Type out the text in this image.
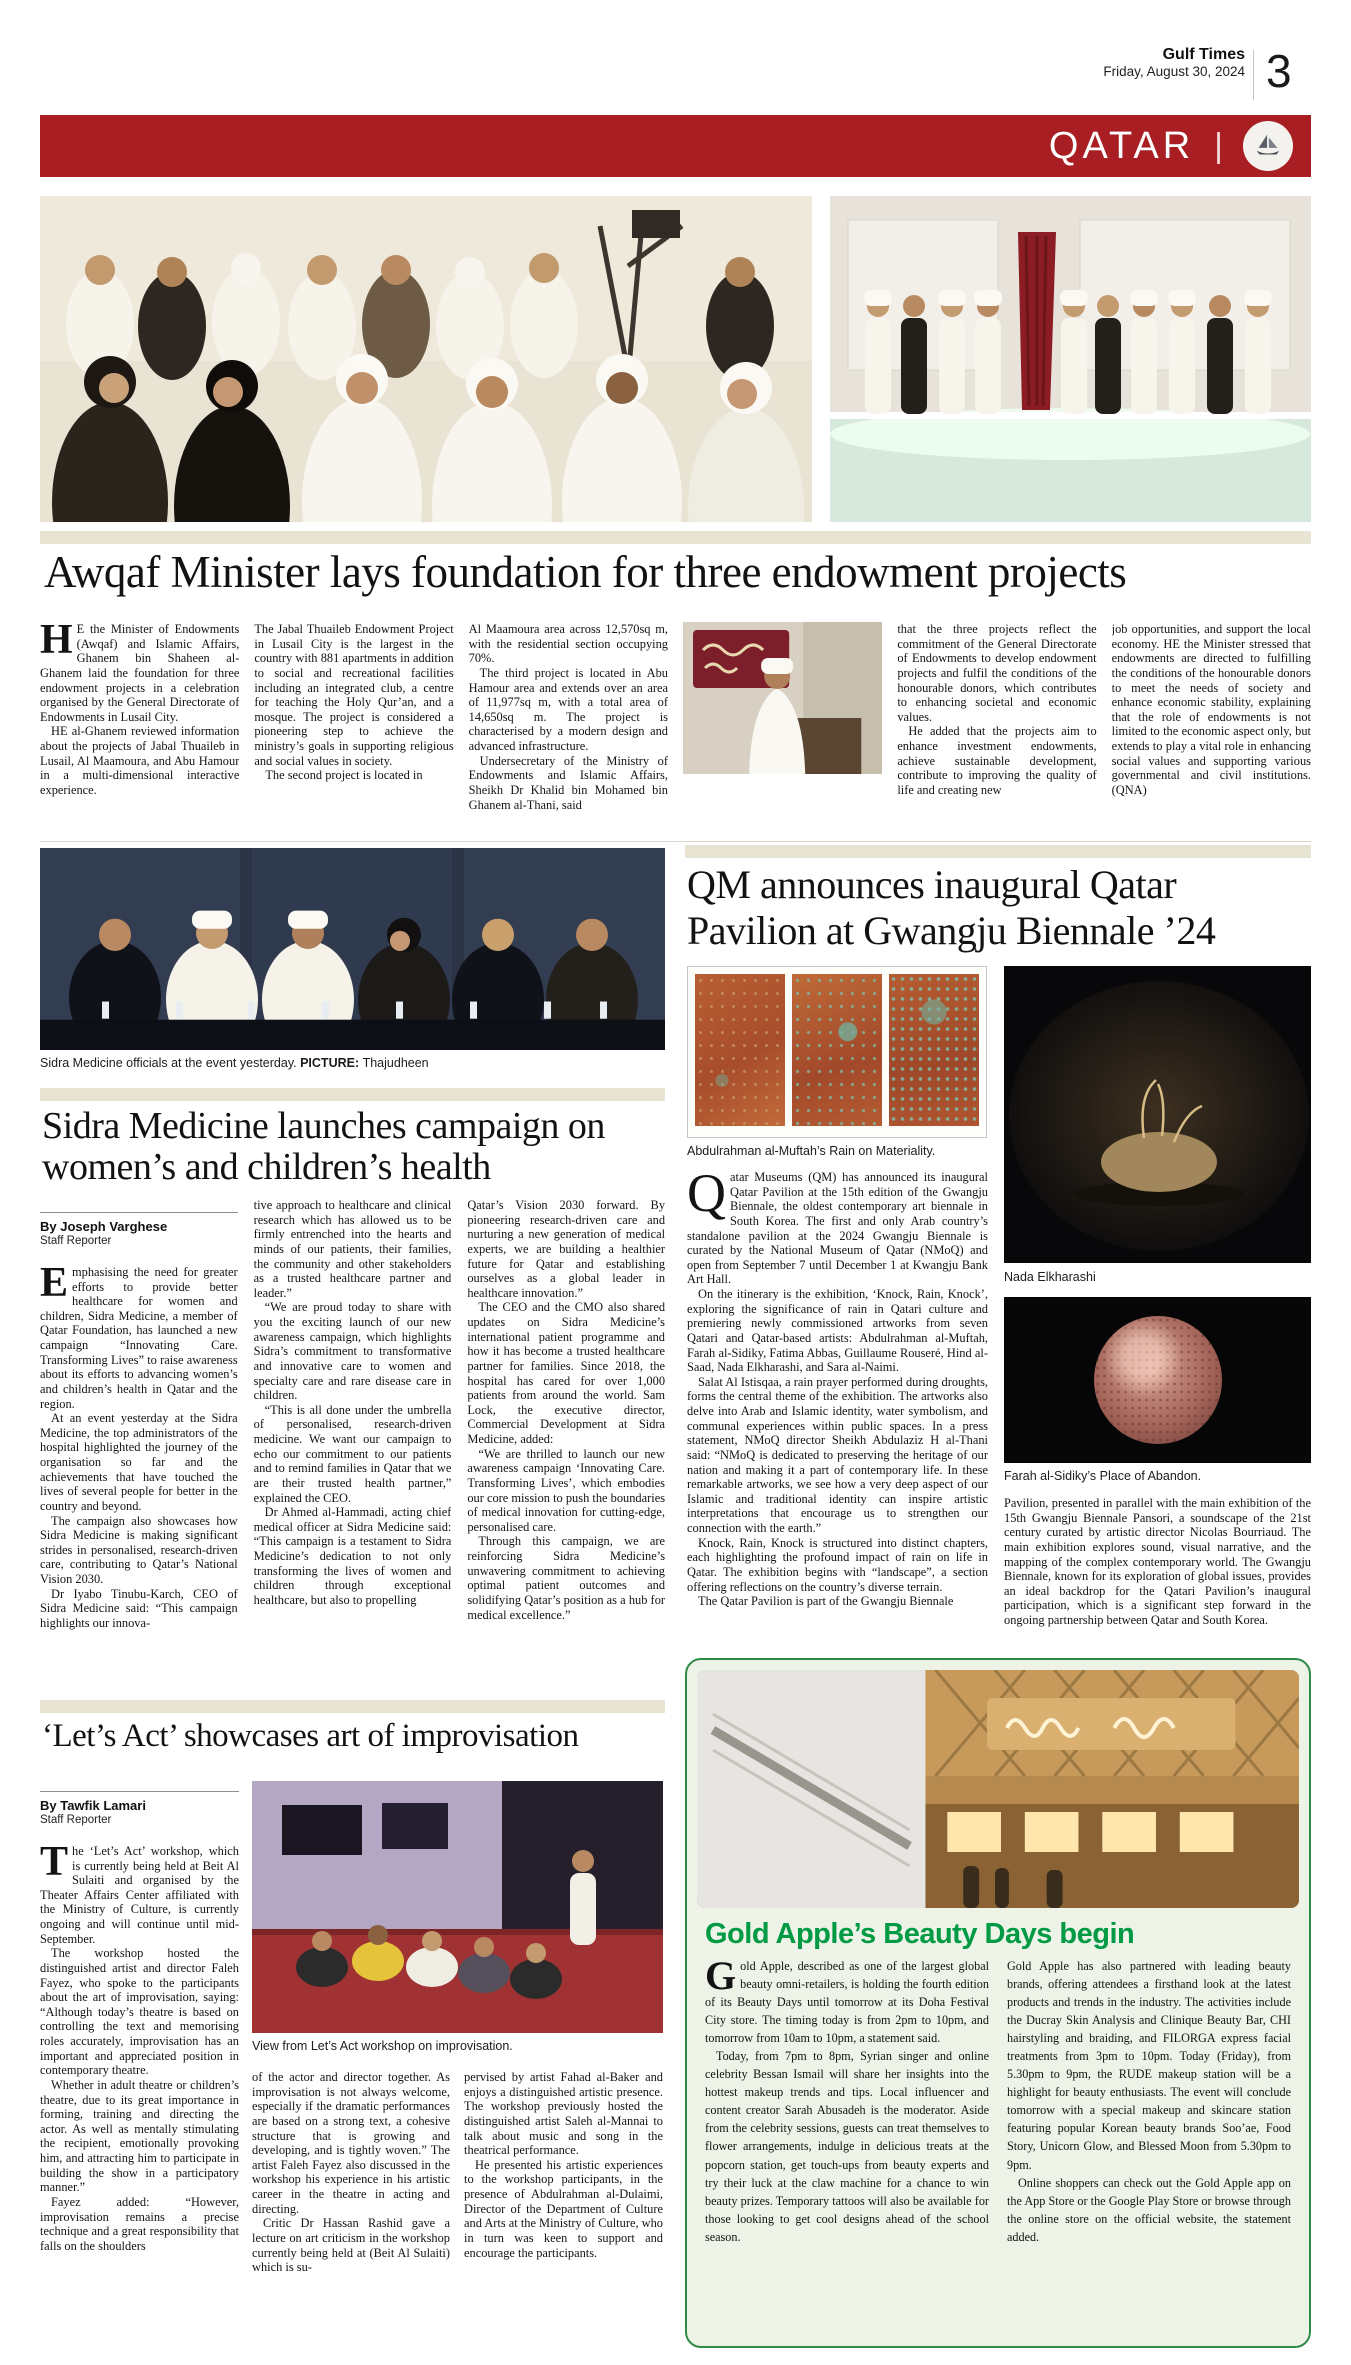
Gulf Times
Friday, August 30, 2024 3
QATAR |
Awqaf Minister lays foundation for three endowment projects

H E the Minister of Endowments (Awqaf) and Islamic Affairs, Ghanem bin Shaheen al-Ghanem laid the foundation for three endowment projects in a celebration organised by the General Directorate of Endowments in Lusail City.

HE al-Ghanem reviewed information about the projects of Jabal Thuaileb in Lusail, Al Maamoura, and Abu Hamour in a multi-dimensional interactive experience.

The Jabal Thuaileb Endowment Project in Lusail City is the largest in the country with 881 apartments in addition to social and recreational facilities including an integrated club, a centre for teaching the Holy Qur’an, and a mosque. The project is considered a pioneering step to achieve the ministry’s goals in supporting religious and social values in society.

The second project is located in

Al Maamoura area across 12,570sq m, with the residential section occupying 70%.

The third project is located in Abu Hamour area and extends over an area of 11,977sq m, with a total area of 14,650sq m. The project is characterised by a modern design and advanced infrastructure.

Undersecretary of the Ministry of Endowments and Islamic Affairs, Sheikh Dr Khalid bin Mohamed bin Ghanem al-Thani, said

that the three projects reflect the commitment of the General Directorate of Endowments to develop endowment projects and fulfil the conditions of the honourable donors, which contributes to enhancing societal and economic values.

He added that the projects aim to enhance investment endowments, achieve sustainable development, contribute to improving the quality of life and creating new

job opportunities, and support the local economy. HE the Minister stressed that endowments are directed to fulfilling the conditions of the honourable donors to meet the needs of society and enhance economic stability, explaining that the role of endowments is not limited to the economic aspect only, but extends to play a vital role in enhancing social values and supporting various governmental and civil institutions. (QNA)

Sidra Medicine officials at the event yesterday. PICTURE: Thajudheen
Sidra Medicine launches campaign on women’s and children’s health
By Joseph Varghese
Staff Reporter

Emphasising the need for greater efforts to provide better healthcare for women and children, Sidra Medicine, a member of Qatar Foundation, has launched a new campaign “Innovating Care. Transforming Lives” to raise awareness about its efforts to advancing women’s and children’s health in Qatar and the region.

At an event yesterday at the Sidra Medicine, the top administrators of the hospital highlighted the journey of the organisation so far and the achievements that have touched the lives of several people for better in the country and beyond.

The campaign also showcases how Sidra Medicine is making significant strides in personalised, research-driven care, contributing to Qatar’s National Vision 2030.

Dr Iyabo Tinubu-Karch, CEO of Sidra Medicine said: “This campaign highlights our innova-

tive approach to healthcare and clinical research which has allowed us to be firmly entrenched into the hearts and minds of our patients, their families, the community and other stakeholders as a trusted healthcare partner and leader.”

“We are proud today to share with you the exciting launch of our new awareness campaign, which highlights Sidra’s commitment to transformative and innovative care to women and specialty care and rare disease care in children.

“This is all done under the umbrella of personalised, research-driven medicine. We want our campaign to echo our commitment to our patients and to remind families in Qatar that we are their trusted health partner,” explained the CEO.

Dr Ahmed al-Hammadi, acting chief medical officer at Sidra Medicine said: “This campaign is a testament to Sidra Medicine’s dedication to not only transforming the lives of women and children through exceptional healthcare, but also to propelling

Qatar’s Vision 2030 forward. By pioneering research-driven care and nurturing a new generation of medical experts, we are building a healthier future for Qatar and establishing ourselves as a global leader in healthcare innovation.”

The CEO and the CMO also shared updates on Sidra Medicine’s international patient programme and how it has become a trusted healthcare partner for families. Since 2018, the hospital has cared for over 1,000 patients from around the world. Sam Lock, the executive director, Commercial Development at Sidra Medicine, added:

“We are thrilled to launch our new awareness campaign ‘Innovating Care. Transforming Lives’, which embodies our core mission to push the boundaries of medical innovation for cutting-edge, personalised care.

Through this campaign, we are reinforcing Sidra Medicine’s unwavering commitment to achieving optimal patient outcomes and solidifying Qatar’s position as a hub for medical excellence.”

QM announces inaugural Qatar Pavilion at Gwangju Biennale ’24
Abdulrahman al-Muftah’s Rain on Materiality.

Qatar Museums (QM) has announced its inaugural Qatar Pavilion at the 15th edition of the Gwangju Biennale, the oldest contemporary art biennale in South Korea. The first and only Arab country’s standalone pavilion at the 2024 Gwangju Biennale is curated by the National Museum of Qatar (NMoQ) and open from September 7 until December 1 at Kwangju Bank Art Hall.

On the itinerary is the exhibition, ‘Knock, Rain, Knock’, exploring the significance of rain in Qatari culture and premiering newly commissioned artworks from seven Qatari and Qatar-based artists: Abdulrahman al-Muftah, Farah al-Sidiky, Fatima Abbas, Guillaume Rouseré, Hind al-Saad, Nada Elkharashi, and Sara al-Naimi.

Salat Al Istisqaa, a rain prayer performed during droughts, forms the central theme of the exhibition. The artworks also delve into Arab and Islamic identity, water symbolism, and communal experiences within public spaces. In a press statement, NMoQ director Sheikh Abdulaziz H al-Thani said: “NMoQ is dedicated to preserving the heritage of our nation and making it a part of contemporary life. In these remarkable artworks, we see how a very deep aspect of our Islamic and traditional identity can inspire artistic interpretations that encourage us to strengthen our connection with the earth.”

Knock, Rain, Knock is structured into distinct chapters, each highlighting the profound impact of rain on life in Qatar. The exhibition begins with “landscape”, a section offering reflections on the country’s diverse terrain.

The Qatar Pavilion is part of the Gwangju Biennale

Nada Elkharashi
Farah al-Sidiky’s Place of Abandon.

Pavilion, presented in parallel with the main exhibition of the 15th Gwangju Biennale Pansori, a soundscape of the 21st century curated by artistic director Nicolas Bourriaud. The main exhibition explores sound, visual narrative, and the mapping of the complex contemporary world. The Gwangju Biennale, known for its exploration of global issues, provides an ideal backdrop for the Qatari Pavilion’s inaugural participation, which is a significant step forward in the ongoing partnership between Qatar and South Korea.

‘Let’s Act’ showcases art of improvisation
By Tawfik Lamari
Staff Reporter

The ‘Let’s Act’ workshop, which is currently being held at Beit Al Sulaiti and organised by the Theater Affairs Center affiliated with the Ministry of Culture, is currently ongoing and will continue until mid-September.

The workshop hosted the distinguished artist and director Faleh Fayez, who spoke to the participants about the art of improvisation, saying: “Although today’s theatre is based on controlling the text and memorising roles accurately, improvisation has an important and appreciated position in contemporary theatre.

Whether in adult theatre or children’s theatre, due to its great importance in forming, training and directing the actor. As well as mentally stimulating the recipient, emotionally provoking him, and attracting him to participate in building the show in a participatory manner.”

Fayez added: “However, improvisation remains a precise technique and a great responsibility that falls on the shoulders

View from Let’s Act workshop on improvisation.

of the actor and director together. As improvisation is not always welcome, especially if the dramatic performances are based on a strong text, a cohesive structure that is growing and developing, and is tightly woven.” The artist Faleh Fayez also discussed in the workshop his experience in his artistic career in the theatre in acting and directing.

Critic Dr Hassan Rashid gave a lecture on art criticism in the workshop currently being held at (Beit Al Sulaiti) which is su-

pervised by artist Fahad al-Baker and enjoys a distinguished artistic presence. The workshop previously hosted the distinguished artist Saleh al-Mannai to talk about music and song in the theatrical performance.

He presented his artistic experiences to the workshop participants, in the presence of Abdulrahman al-Dulaimi, Director of the Department of Culture and Arts at the Ministry of Culture, who in turn was keen to support and encourage the participants.

Gold Apple’s Beauty Days begin

Gold Apple, described as one of the largest global beauty omni-retailers, is holding the fourth edition of its Beauty Days until tomorrow at its Doha Festival City store. The timing today is from 2pm to 10pm, and tomorrow from 10am to 10pm, a statement said.

Today, from 7pm to 8pm, Syrian singer and online celebrity Bessan Ismail will share her insights into the hottest makeup trends and tips. Local influencer and content creator Sarah Abusadeh is the moderator. Aside from the celebrity sessions, guests can treat themselves to flower arrangements, indulge in delicious treats at the popcorn station, get touch-ups from beauty experts and try their luck at the claw machine for a chance to win beauty prizes. Temporary tattoos will also be available for those looking to get cool designs ahead of the school season.

Gold Apple has also partnered with leading beauty brands, offering attendees a firsthand look at the latest products and trends in the industry. The activities include the Ducray Skin Analysis and Clinique Beauty Bar, CHI hairstyling and braiding, and FILORGA express facial treatments from 3pm to 10pm. Today (Friday), from 5.30pm to 9pm, the RUDE makeup station will be a highlight for beauty enthusiasts. The event will conclude tomorrow with a special makeup and skincare station featuring popular Korean beauty brands Soo’ae, Food Story, Unicorn Glow, and Blessed Moon from 5.30pm to 9pm.

Online shoppers can check out the Gold Apple app on the App Store or the Google Play Store or browse through the online store on the official website, the statement added.
